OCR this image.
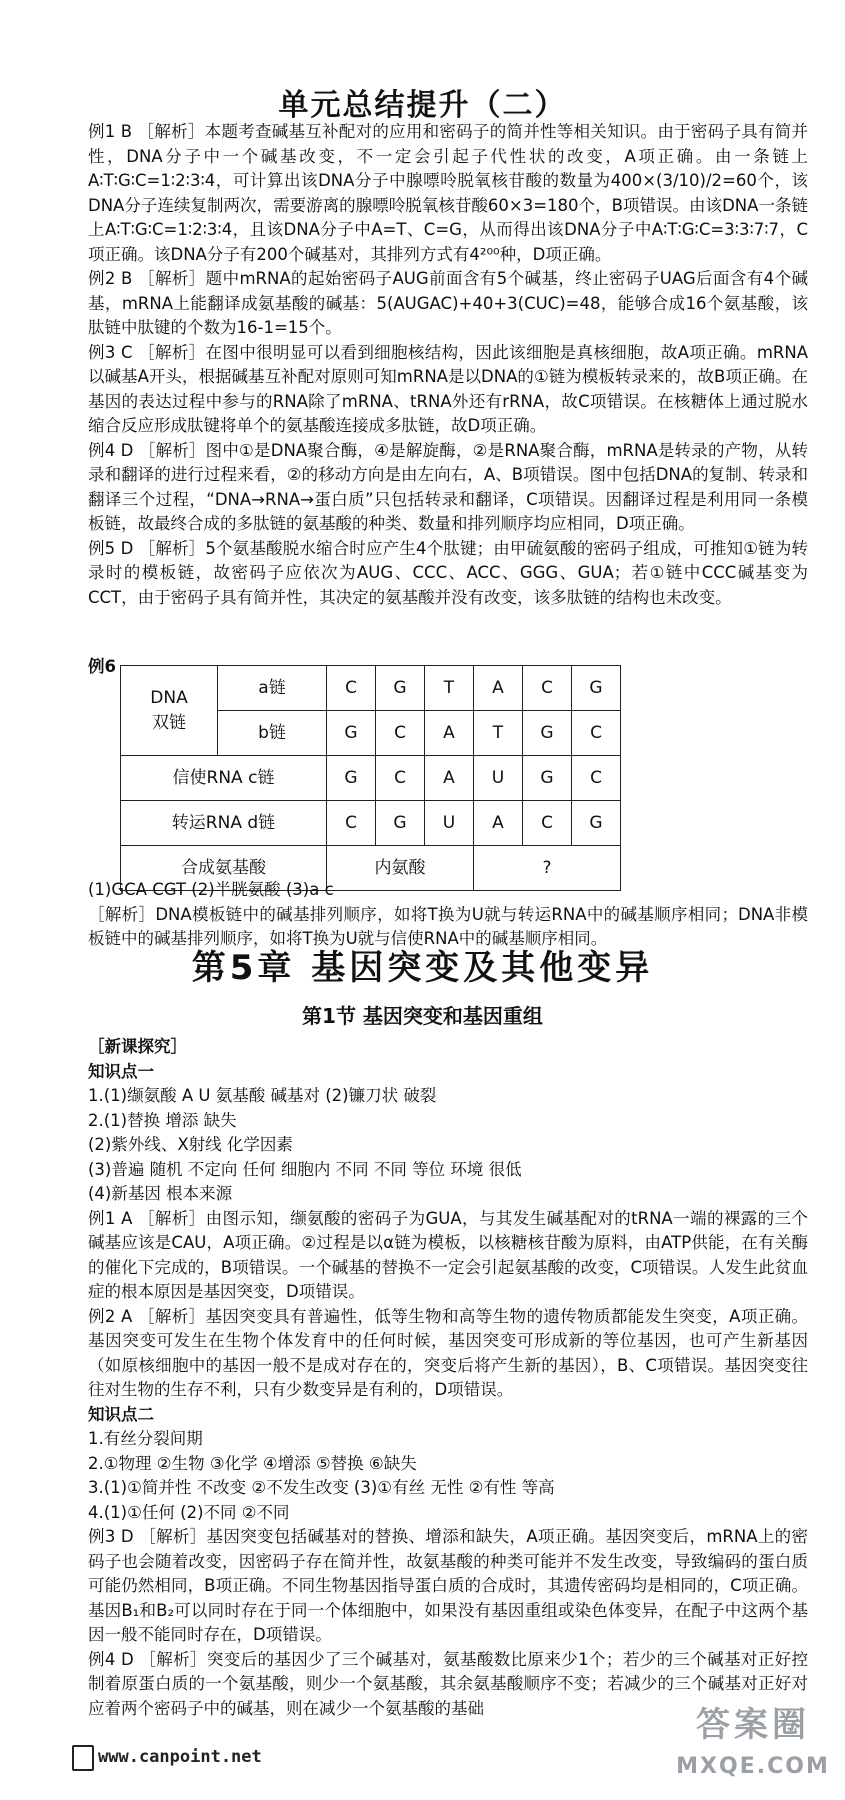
单元总结提升（二）

例1 B ［解析］本题考查碱基互补配对的应用和密码子的简并性等相关知识。由于密码子具有简并性，DNA分子中一个碱基改变，不一定会引起子代性状的改变，A项正确。由一条链上A∶T∶G∶C=1∶2∶3∶4，可计算出该DNA分子中腺嘌呤脱氧核苷酸的数量为400×(3/10)/2=60个，该DNA分子连续复制两次，需要游离的腺嘌呤脱氧核苷酸60×3=180个，B项错误。由该DNA一条链上A∶T∶G∶C=1∶2∶3∶4，且该DNA分子中A=T、C=G，从而得出该DNA分子中A∶T∶G∶C=3∶3∶7∶7，C项正确。该DNA分子有200个碱基对，其排列方式有4²⁰⁰种，D项正确。

例2 B ［解析］题中mRNA的起始密码子AUG前面含有5个碱基，终止密码子UAG后面含有4个碱基，mRNA上能翻译成氨基酸的碱基：5(AUGAC)+40+3(CUC)=48，能够合成16个氨基酸，该肽链中肽键的个数为16-1=15个。

例3 C ［解析］在图中很明显可以看到细胞核结构，因此该细胞是真核细胞，故A项正确。mRNA以碱基A开头，根据碱基互补配对原则可知mRNA是以DNA的①链为模板转录来的，故B项正确。在基因的表达过程中参与的RNA除了mRNA、tRNA外还有rRNA，故C项错误。在核糖体上通过脱水缩合反应形成肽键将单个的氨基酸连接成多肽链，故D项正确。

例4 D ［解析］图中①是DNA聚合酶，④是解旋酶，②是RNA聚合酶，mRNA是转录的产物，从转录和翻译的进行过程来看，②的移动方向是由左向右，A、B项错误。图中包括DNA的复制、转录和翻译三个过程，“DNA→RNA→蛋白质”只包括转录和翻译，C项错误。因翻译过程是利用同一条模板链，故最终合成的多肽链的氨基酸的种类、数量和排列顺序均应相同，D项正确。

例5 D ［解析］5个氨基酸脱水缩合时应产生4个肽键；由甲硫氨酸的密码子组成，可推知①链为转录时的模板链，故密码子应依次为AUG、CCC、ACC、GGG、GUA；若①链中CCC碱基变为CCT，由于密码子具有简并性，其决定的氨基酸并没有改变，该多肽链的结构也未改变。

例6
DNA
双链	a链	C	G	T	A	C	G
	b链	G	C	A	T	G	C
信使RNA c链		G	C	A	U	G	C
转运RNA d链		C	G	U	A	C	G
合成氨基酸		内氨酸			?		

(1)GCA CGT (2)半胱氨酸 (3)a c

［解析］DNA模板链中的碱基排列顺序，如将T换为U就与转运RNA中的碱基顺序相同；DNA非模板链中的碱基排列顺序，如将T换为U就与信使RNA中的碱基顺序相同。

第5章 基因突变及其他变异
第1节 基因突变和基因重组

［新课探究］

知识点一

1.(1)缬氨酸 A U 氨基酸 碱基对 (2)镰刀状 破裂

2.(1)替换 增添 缺失

(2)紫外线、X射线 化学因素

(3)普遍 随机 不定向 任何 细胞内 不同 不同 等位 环境 很低

(4)新基因 根本来源

例1 A ［解析］由图示知，缬氨酸的密码子为GUA，与其发生碱基配对的tRNA一端的裸露的三个碱基应该是CAU，A项正确。②过程是以α链为模板，以核糖核苷酸为原料，由ATP供能，在有关酶的催化下完成的，B项错误。一个碱基的替换不一定会引起氨基酸的改变，C项错误。人发生此贫血症的根本原因是基因突变，D项错误。

例2 A ［解析］基因突变具有普遍性，低等生物和高等生物的遗传物质都能发生突变，A项正确。基因突变可发生在生物个体发育中的任何时候，基因突变可形成新的等位基因，也可产生新基因（如原核细胞中的基因一般不是成对存在的，突变后将产生新的基因），B、C项错误。基因突变往往对生物的生存不利，只有少数变异是有利的，D项错误。

知识点二

1.有丝分裂间期

2.①物理 ②生物 ③化学 ④增添 ⑤替换 ⑥缺失

3.(1)①简并性 不改变 ②不发生改变 (3)①有丝 无性 ②有性 等高

4.(1)①任何 (2)不同 ②不同

例3 D ［解析］基因突变包括碱基对的替换、增添和缺失，A项正确。基因突变后，mRNA上的密码子也会随着改变，因密码子存在简并性，故氨基酸的种类可能并不发生改变，导致编码的蛋白质可能仍然相同，B项正确。不同生物基因指导蛋白质的合成时，其遗传密码均是相同的，C项正确。基因B₁和B₂可以同时存在于同一个体细胞中，如果没有基因重组或染色体变异，在配子中这两个基因一般不能同时存在，D项错误。

例4 D ［解析］突变后的基因少了三个碱基对，氨基酸数比原来少1个；若少的三个碱基对正好控制着原蛋白质的一个氨基酸，则少一个氨基酸，其余氨基酸顺序不变；若减少的三个碱基对正好对应着两个密码子中的碱基，则在减少一个氨基酸的基础

www.canpoint.net
答案圈
MXQE.COM
